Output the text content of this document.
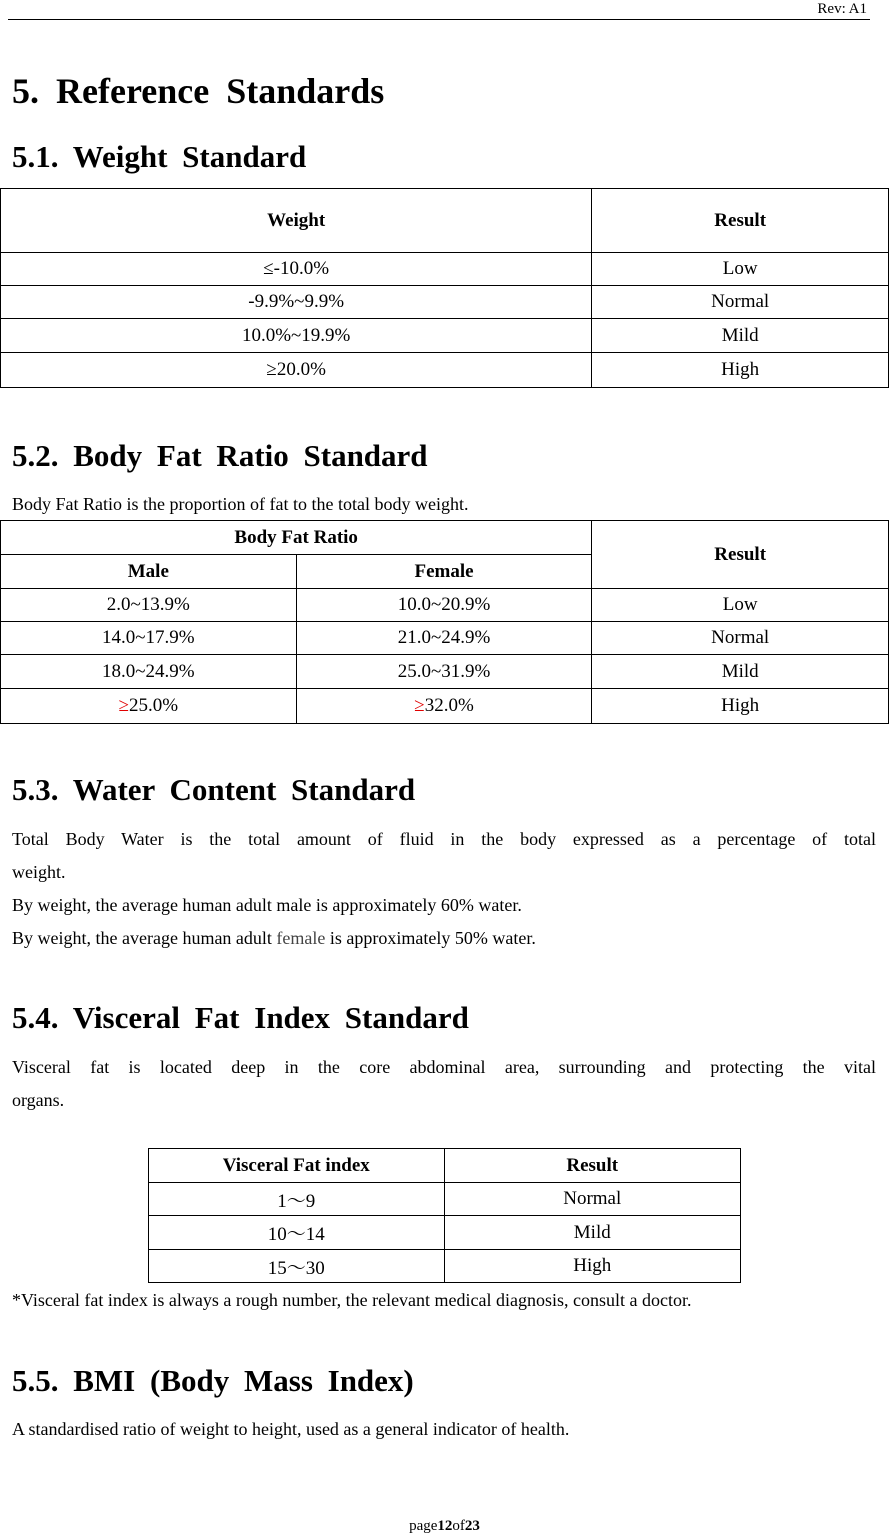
Rev: A1
5. Reference Standards
5.1. Weight Standard
Weight	Result
≤-10.0%	Low
-9.9%~9.9%	Normal
10.0%~19.9%	Mild
≥20.0%	High
5.2. Body Fat Ratio Standard

Body Fat Ratio is the proportion of fat to the total body weight.

Body Fat Ratio		Result
Male	Female	
2.0~13.9%	10.0~20.9%	Low
14.0~17.9%	21.0~24.9%	Normal
18.0~24.9%	25.0~31.9%	Mild
≥25.0%	≥32.0%	High
5.3. Water Content Standard

Total Body Water is the total amount of fluid in the body expressed as a percentage of total

weight.

By weight, the average human adult male is approximately 60% water.

By weight, the average human adult female is approximately 50% water.

5.4. Visceral Fat Index Standard

Visceral fat is located deep in the core abdominal area, surrounding and protecting the vital

organs.

Visceral Fat index	Result
1～9	Normal
10～14	Mild
15～30	High

*Visceral fat index is always a rough number, the relevant medical diagnosis, consult a doctor.

5.5. BMI (Body Mass Index)

A standardised ratio of weight to height, used as a general indicator of health.

page12of23
